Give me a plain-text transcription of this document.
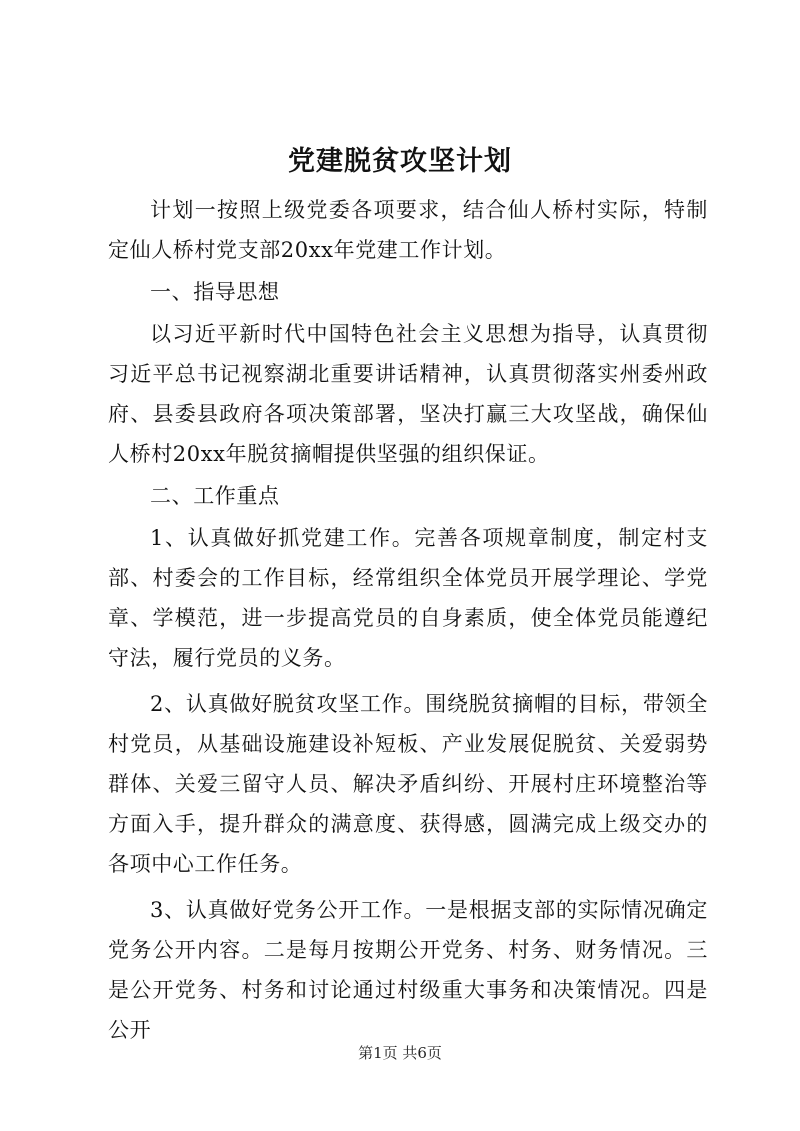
党建脱贫攻坚计划

计划一按照上级党委各项要求，结合仙人桥村实际，特制定仙人桥村党支部20xx年党建工作计划。

一、指导思想

以习近平新时代中国特色社会主义思想为指导，认真贯彻习近平总书记视察湖北重要讲话精神，认真贯彻落实州委州政府、县委县政府各项决策部署，坚决打赢三大攻坚战，确保仙人桥村20xx年脱贫摘帽提供坚强的组织保证。

二、工作重点

1、认真做好抓党建工作。完善各项规章制度，制定村支部、村委会的工作目标，经常组织全体党员开展学理论、学党章、学模范，进一步提高党员的自身素质，使全体党员能遵纪守法，履行党员的义务。

2、认真做好脱贫攻坚工作。围绕脱贫摘帽的目标，带领全村党员，从基础设施建设补短板、产业发展促脱贫、关爱弱势群体、关爱三留守人员、解决矛盾纠纷、开展村庄环境整治等方面入手，提升群众的满意度、获得感，圆满完成上级交办的各项中心工作任务。

3、认真做好党务公开工作。一是根据支部的实际情况确定党务公开内容。二是每月按期公开党务、村务、财务情况。三是公开党务、村务和讨论通过村级重大事务和决策情况。四是公开

第1页 共6页
